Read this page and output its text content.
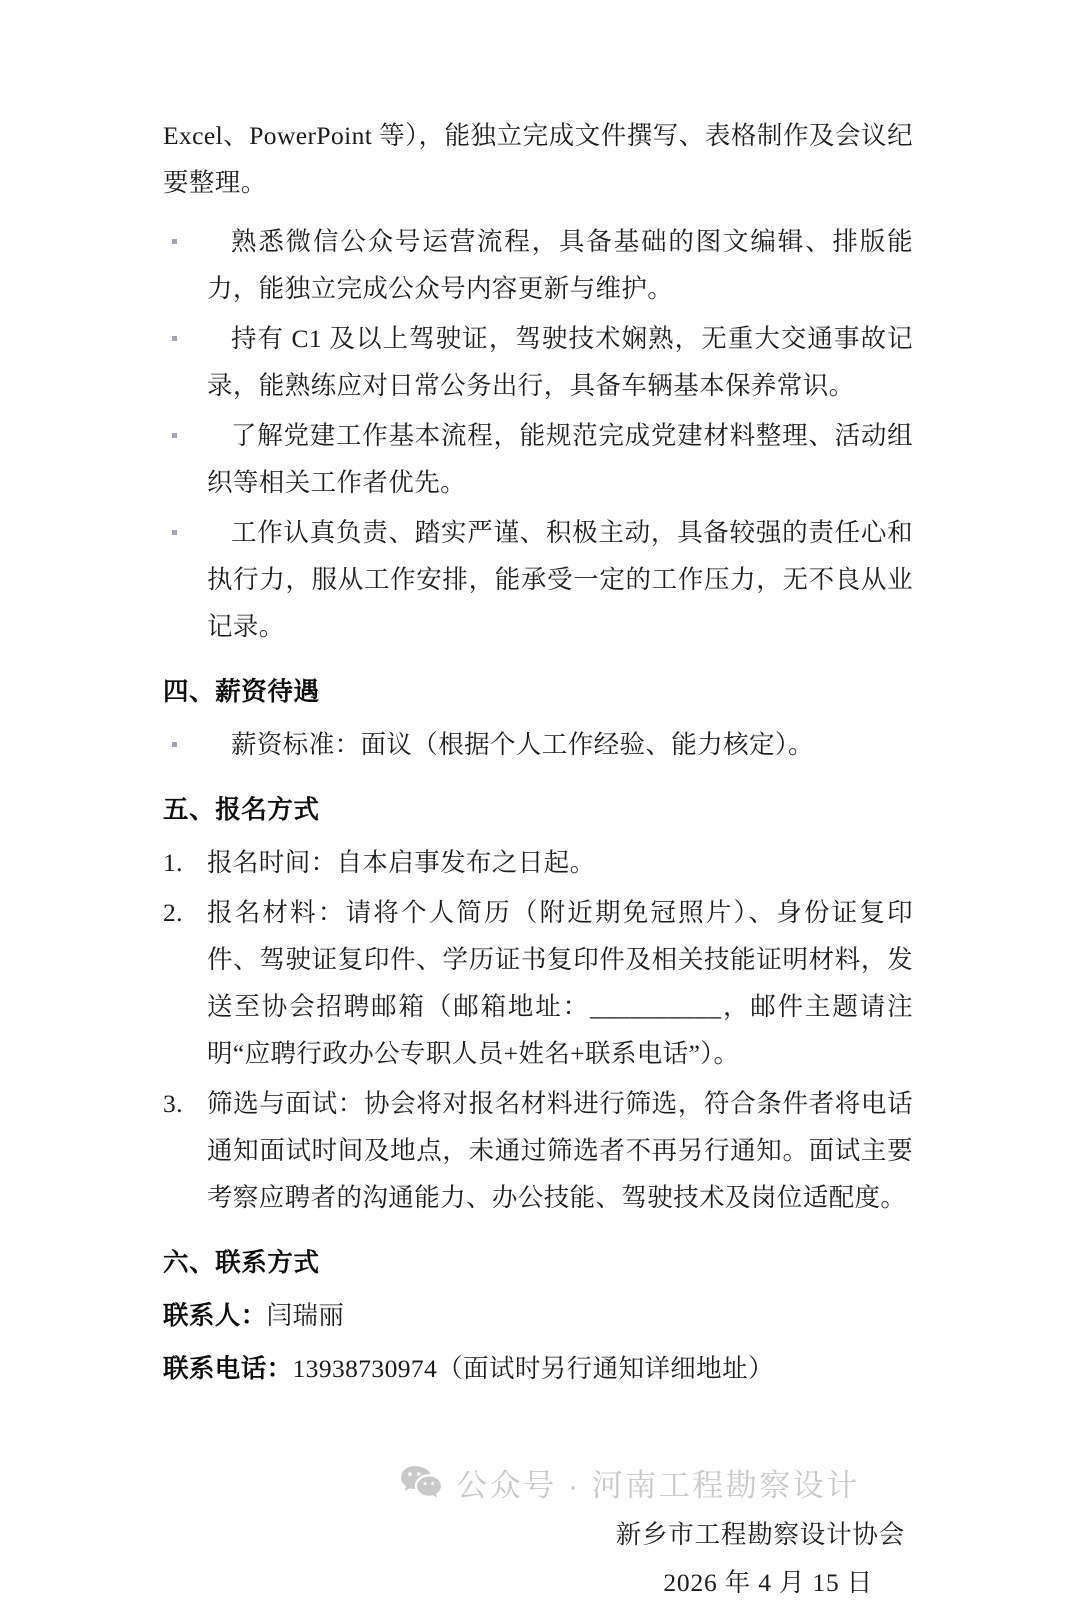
Excel、PowerPoint 等），能独立完成文件撰写、表格制作及会议纪要整理。

熟悉微信公众号运营流程，具备基础的图文编辑、排版能力，能独立完成公众号内容更新与维护。
持有 C1 及以上驾驶证，驾驶技术娴熟，无重大交通事故记录，能熟练应对日常公务出行，具备车辆基本保养常识。
了解党建工作基本流程，能规范完成党建材料整理、活动组织等相关工作者优先。
工作认真负责、踏实严谨、积极主动，具备较强的责任心和执行力，服从工作安排，能承受一定的工作压力，无不良从业记录。
四、薪资待遇
薪资标准：面议（根据个人工作经验、能力核定）。
五、报名方式
1. 报名时间：自本启事发布之日起。
2. 报名材料：请将个人简历（附近期免冠照片）、身份证复印件、驾驶证复印件、学历证书复印件及相关技能证明材料，发送至协会招聘邮箱（邮箱地址：__________，邮件主题请注明“应聘行政办公专职人员+姓名+联系电话”）。
3. 筛选与面试：协会将对报名材料进行筛选，符合条件者将电话通知面试时间及地点，未通过筛选者不再另行通知。面试主要考察应聘者的沟通能力、办公技能、驾驶技术及岗位适配度。
六、联系方式

联系人：闫瑞丽

联系电话：13938730974（面试时另行通知详细地址）

新乡市工程勘察设计协会
2026 年 4 月 15 日
公众号 · 河南工程勘察设计
